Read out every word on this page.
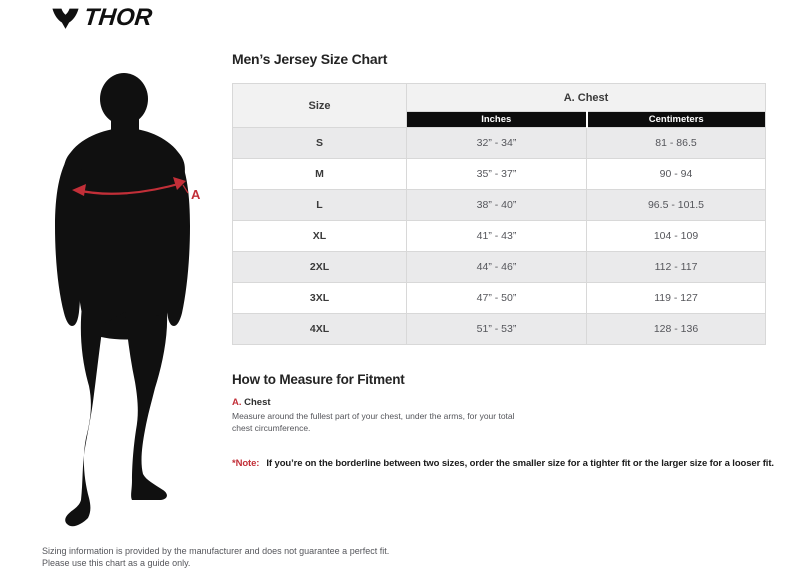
THOR
A
Men’s Jersey Size Chart
Size	A. Chest	
	Inches	Centimeters
S	32” - 34”	81 - 86.5
M	35” - 37”	90 - 94
L	38” - 40”	96.5 - 101.5
XL	41” - 43”	104 - 109
2XL	44” - 46”	112 - 117
3XL	47” - 50”	119 - 127
4XL	51” - 53”	128 - 136
How to Measure for Fitment
A. Chest

Measure around the fullest part of your chest, under the arms, for your total chest circumference.

*Note: If you’re on the borderline between two sizes, order the smaller size for a tighter fit or the larger size for a looser fit.

Sizing information is provided by the manufacturer and does not guarantee a perfect fit.
Please use this chart as a guide only.
